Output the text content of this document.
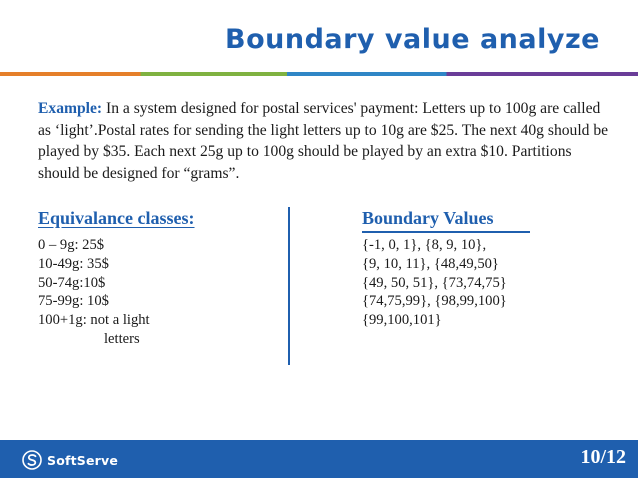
Boundary value analyze
Example: In a system designed for postal services' payment: Letters up to 100g are called as ‘light’.Postal rates for sending the light letters up to 10g are $25. The next 40g should be played by $35. Each next 25g up to 100g should be played by an extra $10. Partitions should be designed for “grams”.
Equivalance classes:	Boundary Values
0 – 9g: 25$
10-49g: 35$
50-74g:10$
75-99g: 10$
100+1g: not a light
letters
{-1, 0, 1}, {8, 9, 10},
{9, 10, 11}, {48,49,50}
{49, 50, 51}, {73,74,75}
{74,75,99}, {98,99,100}
{99,100,101}
SoftServe	10/12
